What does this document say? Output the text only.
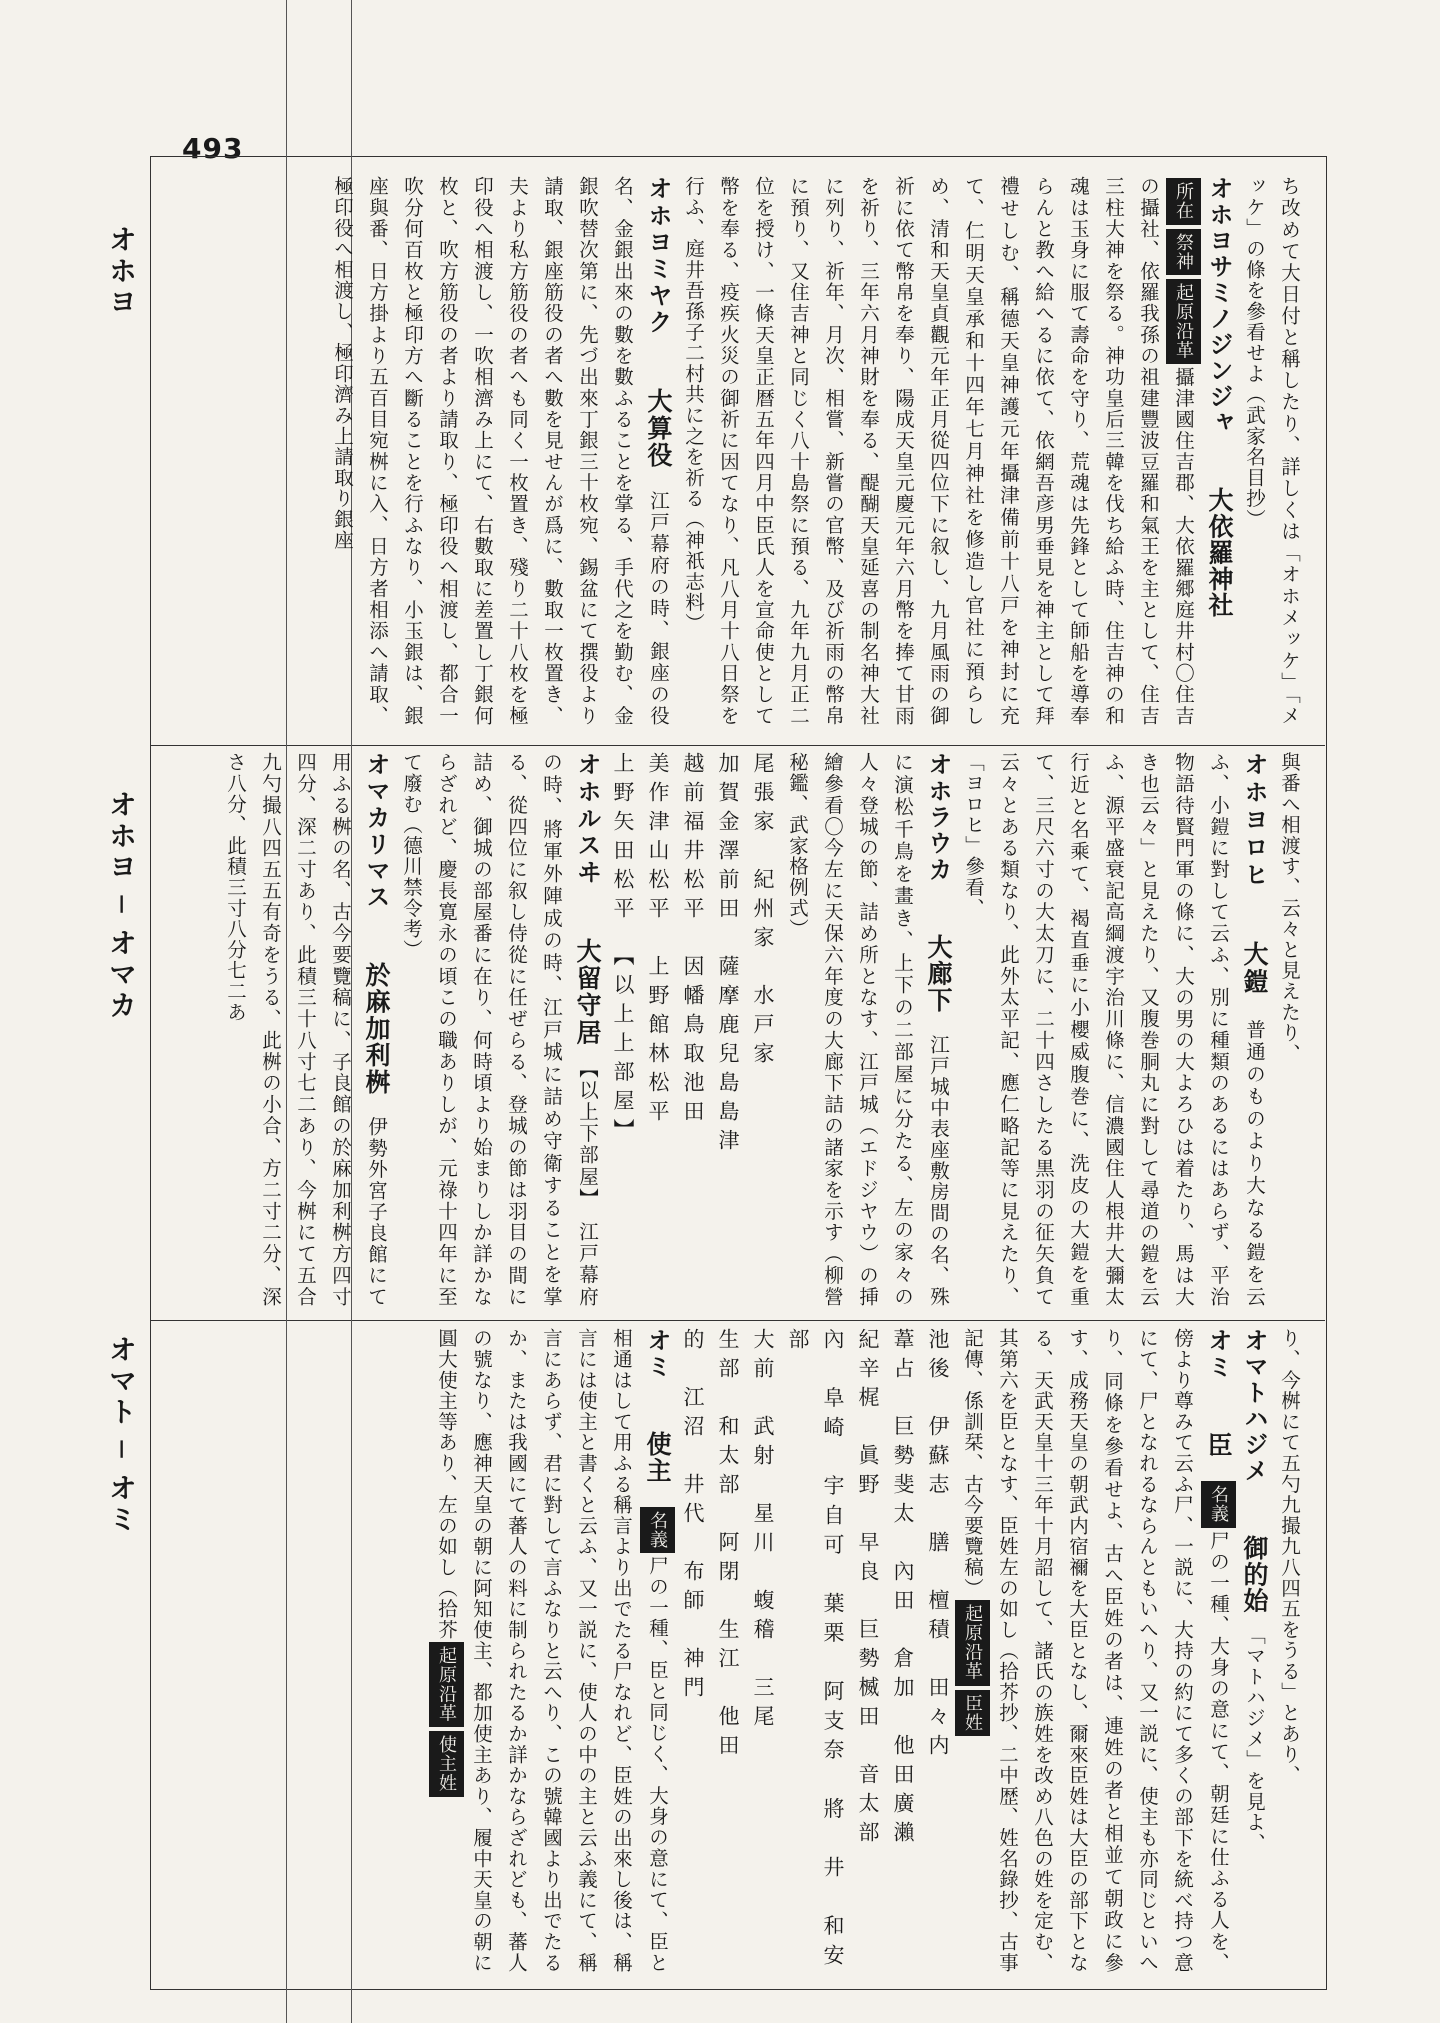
493
オホヨ
オホヨ ─ オマカ
オマト ─ オミ

ち改めて大日付と稱したり、詳しくは「オホメッケ」「メッケ」の條を參看せよ（武家名目抄）

オホヨサミノジンジャ　大依羅神社

所在祭神起原沿革攝津國住吉郡、大依羅郷庭井村〇住吉の攝社、依羅我孫の祖建豐波豆羅和氣王を主として、住吉三柱大神を祭る。神功皇后三韓を伐ち給ふ時、住吉神の和魂は玉身に服て壽命を守り、荒魂は先鋒として師船を導奉らんと教へ給へるに依て、依網吾彦男垂見を神主として拜禮せしむ、稱德天皇神護元年攝津備前十八戸を神封に充て、仁明天皇承和十四年七月神社を修造し官社に預らしめ、清和天皇貞觀元年正月從四位下に叙し、九月風雨の御祈に依て幣帛を奉り、陽成天皇元慶元年六月幣を捧て甘雨を祈り、三年六月神財を奉る、醍醐天皇延喜の制名神大社に列り、祈年、月次、相嘗、新嘗の官幣、及び祈雨の幣帛に預り、又住吉神と同じく八十島祭に預る、九年九月正二位を授け、一條天皇正暦五年四月中臣氏人を宣命使として幣を奉る、疫疾火災の御祈に因てなり、凡八月十八日祭を行ふ、庭井吾孫子二村共に之を祈る（神祇志料）

オホヨミヤク　大算役　江戸幕府の時、銀座の役名、金銀出來の數を數ふることを掌る、手代之を勤む、金銀吹替次第に、先づ出來丁銀三十枚宛、錫盆にて撰役より請取、銀座筋役の者へ數を見せんが爲に、數取一枚置き、夫より私方筋役の者へも同く一枚置き、殘り二十八枚を極印役へ相渡し、一吹相濟み上にて、右數取に差置し丁銀何枚と、吹方筋役の者より請取り、極印役へ相渡し、都合一吹分何百枚と極印方へ斷ることを行ふなり、小玉銀は、銀座與番、日方掛より五百目宛桝に入、日方者相添へ請取、極印役へ相渡し、極印濟み上請取り銀座

與番へ相渡す、云々と見えたり、

オホヨロヒ　大鎧　普通のものより大なる鎧を云ふ、小鎧に對して云ふ、別に種類のあるにはあらず、平治物語待賢門軍の條に、大の男の大よろひは着たり、馬は大き也云々」と見えたり、又腹巻胴丸に對して尋道の鎧を云ふ、源平盛衰記高綱渡宇治川條に、信濃國住人根井大彌太行近と名乘て、褐直垂に小櫻威腹巻に、洗皮の大鎧を重て、三尺六寸の大太刀に、二十四さしたる黒羽の征矢負て云々とある類なり、此外太平記、應仁略記等に見えたり、「ヨロヒ」參看、

オホラウカ　大廊下　江戸城中表座敷房間の名、殊に演松千鳥を畫き、上下の二部屋に分たる、左の家々の人々登城の節、詰め所となす、江戸城（エドジヤウ）の挿繪參看〇今左に天保六年度の大廊下詰の諸家を示す（柳營秘鑑、武家格例式）

尾張家　紀州家　水戸家
加賀金澤前田　薩摩鹿兒島島津
越前福井松平　因幡鳥取池田
美作津山松平　上野館林松平
上野矢田松平　【以上上部屋】

オホルスヰ　大留守居　【以上下部屋】　江戸幕府の時、將軍外陣成の時、江戸城に詰め守衛することを掌る、從四位に叙し侍從に任ぜらる、登城の節は羽目の間に詰め、御城の部屋番に在り、何時頃より始まりしか詳かならざれど、慶長寛永の頃この職ありしが、元祿十四年に至て廢む（德川禁令考）

オマカリマス　於麻加利桝　伊勢外宮子良館にて用ふる桝の名、古今要覽稿に、子良館の於麻加利桝方四寸四分、深二寸あり、此積三十八寸七二あり、今桝にて五合九勺撮八四五五有奇をうる、此桝の小合、方二寸二分、深さ八分、此積三寸八分七二あ

り、今桝にて五勺九撮九八四五をうる」とあり、

オマトハジメ　御的始　「マトハジメ」を見よ、

オミ　臣　名義尸の一種、大身の意にて、朝廷に仕ふる人を、傍より尊みて云ふ尸、一説に、大持の約にて多くの部下を統べ持つ意にて、尸となれるならんともいへり、又一説に、使主も亦同じといへり、同條を參看せよ、古へ臣姓の者は、連姓の者と相並て朝政に參す、成務天皇の朝武内宿禰を大臣となし、爾來臣姓は大臣の部下となる、天武天皇十三年十月詔して、諸氏の族姓を改め八色の姓を定む、其第六を臣となす、臣姓左の如し（拾芥抄、二中歴、姓名錄抄、古事記傳、係訓栞、古今要覽稿）起原沿革臣姓

池後　伊蘇志　膳　檀積　田々内
葦占　巨勢斐太　內田　倉加　他田廣瀨
紀辛梶　眞野　早良　巨勢楲田　音太部
內　阜崎　宇自可　葉栗　阿支奈　將　井　和安部
大前　武射　星川　蝮稽　三尾
生部　和太部　阿閉　生江　他田
的　江沼　井代　布師　神門

オミ　使主　名義尸の一種、臣と同じく、大身の意にて、臣と相通はして用ふる稱言より出でたる尸なれど、臣姓の出來し後は、稱言には使主と書くと云ふ、又一説に、使人の中の主と云ふ義にて、稱言にあらず、君に對して言ふなりと云へり、この號韓國より出でたるか、または我國にて蕃人の料に制られたるか詳かならざれども、蕃人の號なり、應神天皇の朝に阿知使主、都加使主あり、履中天皇の朝に圓大使主等あり、左の如し（拾芥起原沿革使主姓
